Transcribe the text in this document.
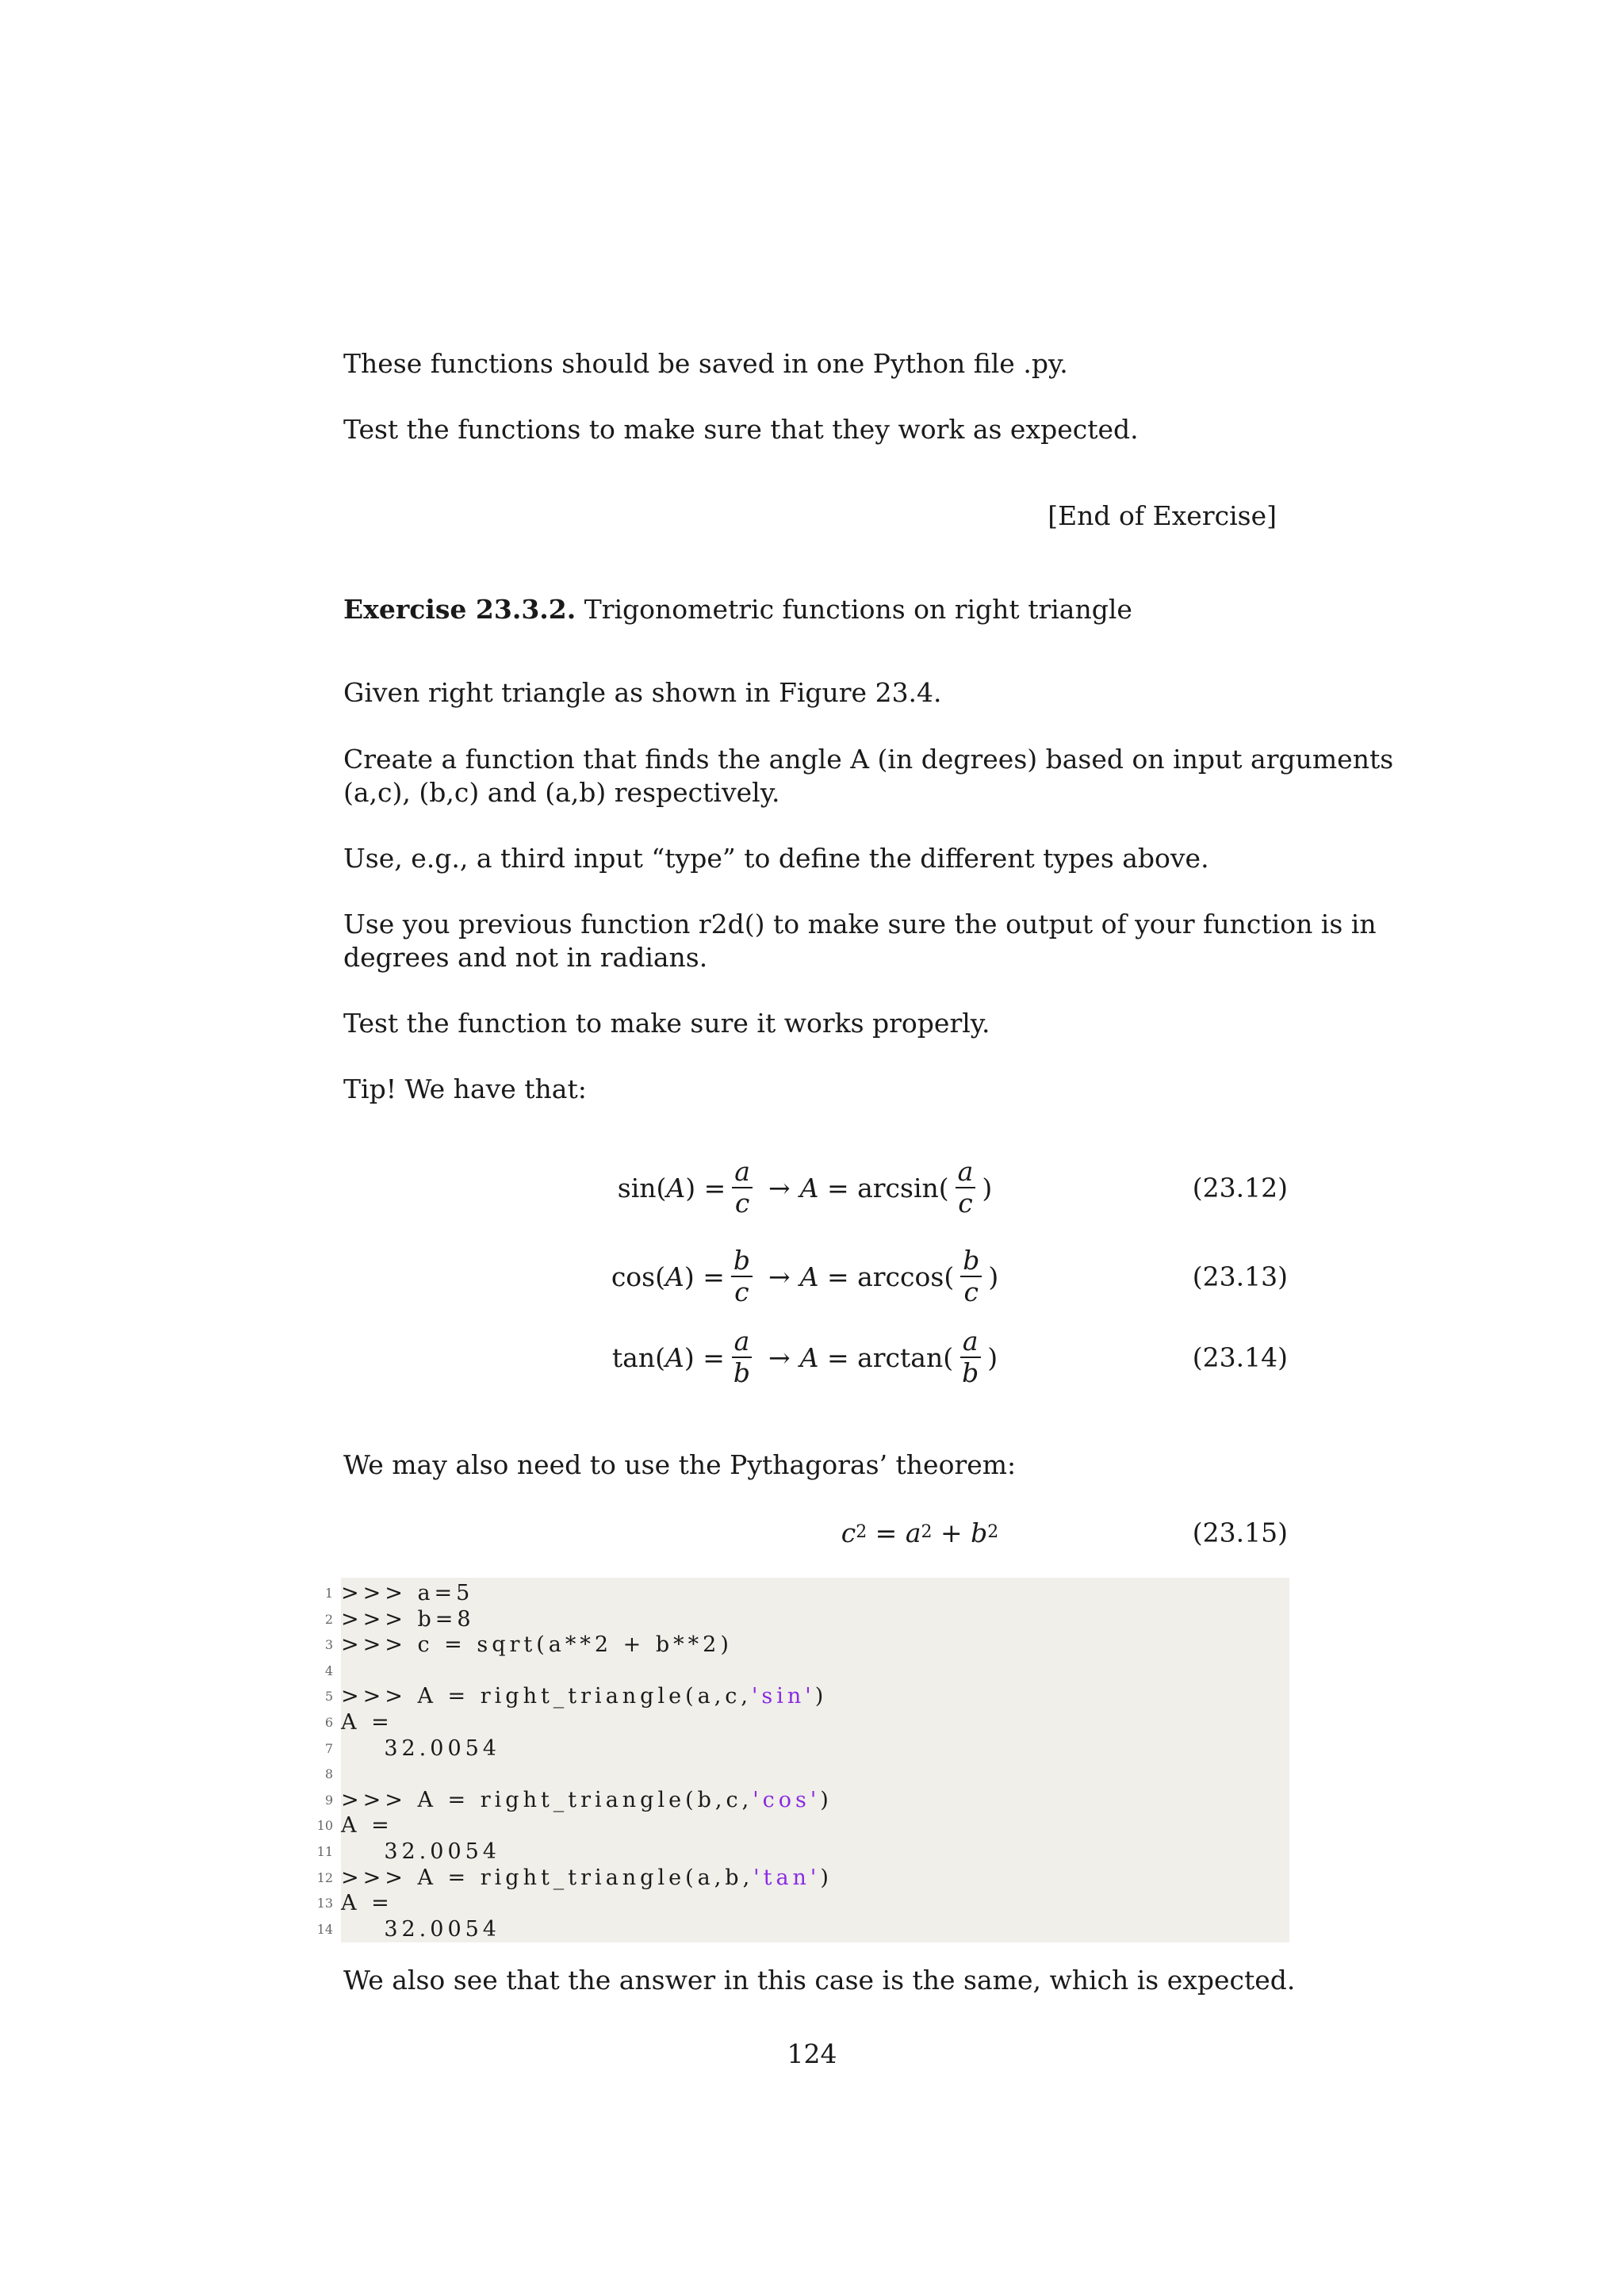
These functions should be saved in one Python file .py.

Test the functions to make sure that they work as expected.

[End of Exercise]

Exercise 23.3.2. Trigonometric functions on right triangle

Given right triangle as shown in Figure 23.4.

Create a function that finds the angle A (in degrees) based on input arguments

(a,c), (b,c) and (a,b) respectively.

Use, e.g., a third input “type” to define the different types above.

Use you previous function r2d() to make sure the output of your function is in

degrees and not in radians.

Test the function to make sure it works properly.

Tip! We have that:

sin ( A ) = $\frac{a}{c} \to A = \arcsin$ ( $\frac{a}{c}$ )	(23.12)
cos ( A ) = $\frac{b}{c} \to A = \arccos$ ( $\frac{b}{c}$ )	(23.13)
tan ( A ) = $\frac{a}{b} \to A = \arctan$ ( $\frac{a}{b}$ )	(23.14)

We may also need to use the Pythagoras’ theorem:

c 2 = a 2 + b 2	(23.15)
1 >>> a=5
2 >>> b=8
3 >>> c = sqrt(a**2 + b**2)
4
5 >>> A = right_triangle(a,c,'sin')
6 A =
7 32.0054
8
9 >>> A = right_triangle(b,c,'cos')
10 A =
11 32.0054
12 >>> A = right_triangle(a,b,'tan')
13 A =
14 32.0054

We also see that the answer in this case is the same, which is expected.

124
